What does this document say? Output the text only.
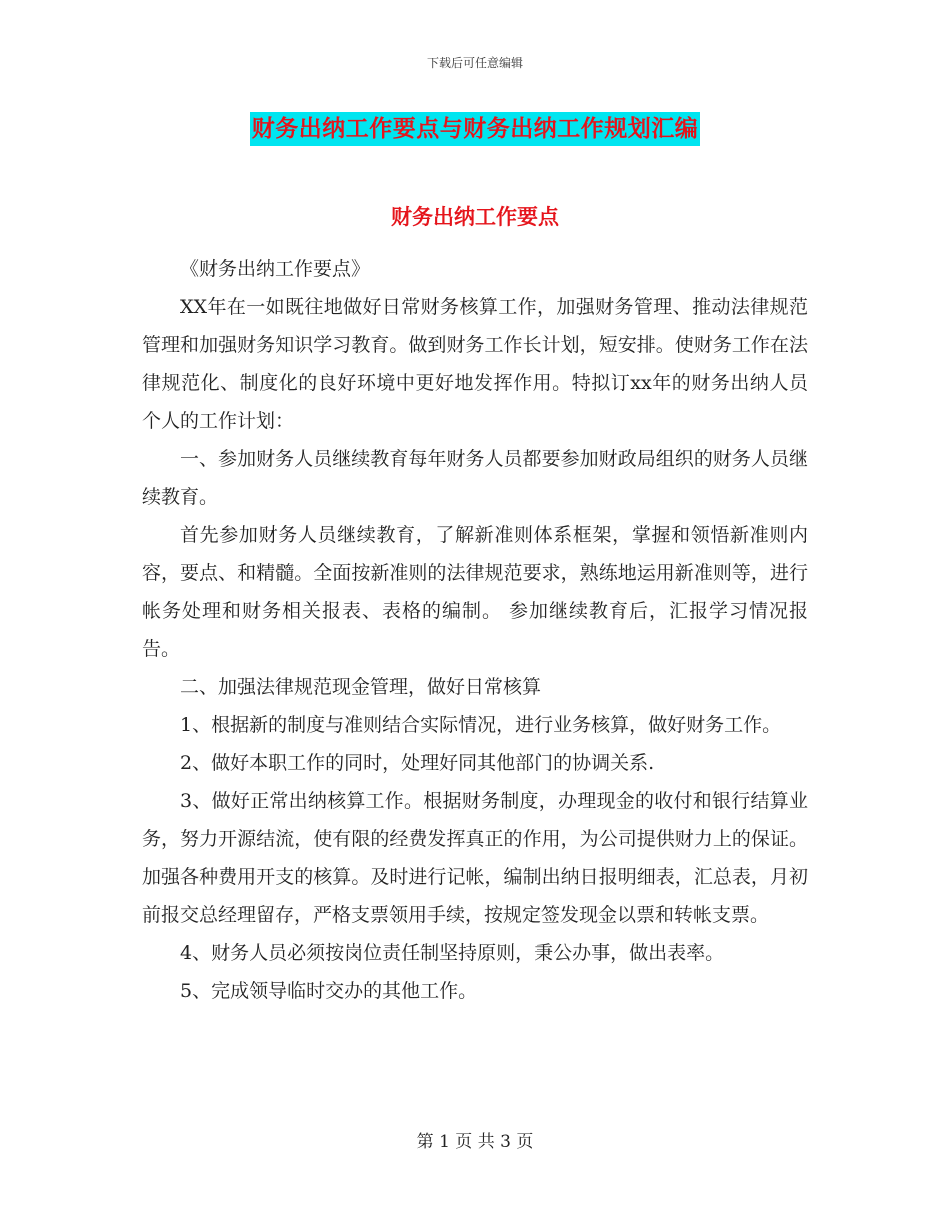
下载后可任意编辑
财务出纳工作要点与财务出纳工作规划汇编
财务出纳工作要点

《财务出纳工作要点》

XX年在一如既往地做好日常财务核算工作，加强财务管理、推动法律规范管理和加强财务知识学习教育。做到财务工作长计划，短安排。使财务工作在法律规范化、制度化的良好环境中更好地发挥作用。特拟订xx年的财务出纳人员个人的工作计划：

一、参加财务人员继续教育每年财务人员都要参加财政局组织的财务人员继续教育。

首先参加财务人员继续教育，了解新准则体系框架，掌握和领悟新准则内容，要点、和精髓。全面按新准则的法律规范要求，熟练地运用新准则等，进行帐务处理和财务相关报表、表格的编制。 参加继续教育后，汇报学习情况报告。

二、加强法律规范现金管理，做好日常核算

1、根据新的制度与准则结合实际情况，进行业务核算，做好财务工作。

2、做好本职工作的同时，处理好同其他部门的协调关系.

3、做好正常出纳核算工作。根据财务制度，办理现金的收付和银行结算业务，努力开源结流，使有限的经费发挥真正的作用，为公司提供财力上的保证。加强各种费用开支的核算。及时进行记帐，编制出纳日报明细表，汇总表，月初前报交总经理留存，严格支票领用手续，按规定签发现金以票和转帐支票。

4、财务人员必须按岗位责任制坚持原则，秉公办事，做出表率。

5、完成领导临时交办的其他工作。

第 1 页 共 3 页
